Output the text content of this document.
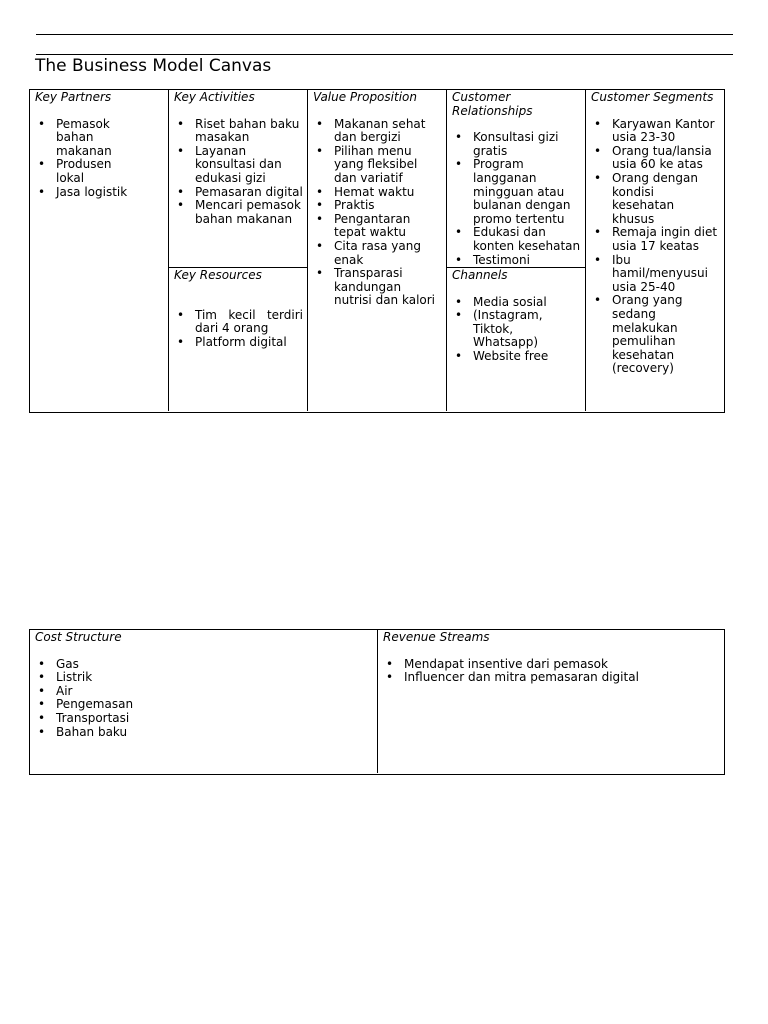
The Business Model Canvas
Key Partners
• Pemasok bahan makanan
• Produsen lokal
• Jasa logistik
Key Activities
• Riset bahan baku masakan
• Layanan konsultasi dan edukasi gizi
• Pemasaran digital
• Mencari pemasok bahan makanan
Key Resources
• Tim kecil terdiri dari 4 orang
• Platform digital
Value Proposition
• Makanan sehat dan bergizi
• Pilihan menu yang fleksibel dan variatif
• Hemat waktu
• Praktis
• Pengantaran tepat waktu
• Cita rasa yang enak
• Transparasi kandungan nutrisi dan kalori
Customer Relationships
• Konsultasi gizi gratis
• Program langganan mingguan atau bulanan dengan promo tertentu
• Edukasi dan konten kesehatan
• Testimoni
Channels
• Media sosial
• (Instagram, Tiktok, Whatsapp)
• Website free
Customer Segments
• Karyawan Kantor usia 23-30
• Orang tua/lansia usia 60 ke atas
• Orang dengan kondisi kesehatan khusus
• Remaja ingin diet usia 17 keatas
• Ibu hamil/menyusui usia 25-40
• Orang yang sedang melakukan pemulihan kesehatan (recovery)
Cost Structure
• Gas
• Listrik
• Air
• Pengemasan
• Transportasi
• Bahan baku
Revenue Streams
• Mendapat insentive dari pemasok
• Influencer dan mitra pemasaran digital
